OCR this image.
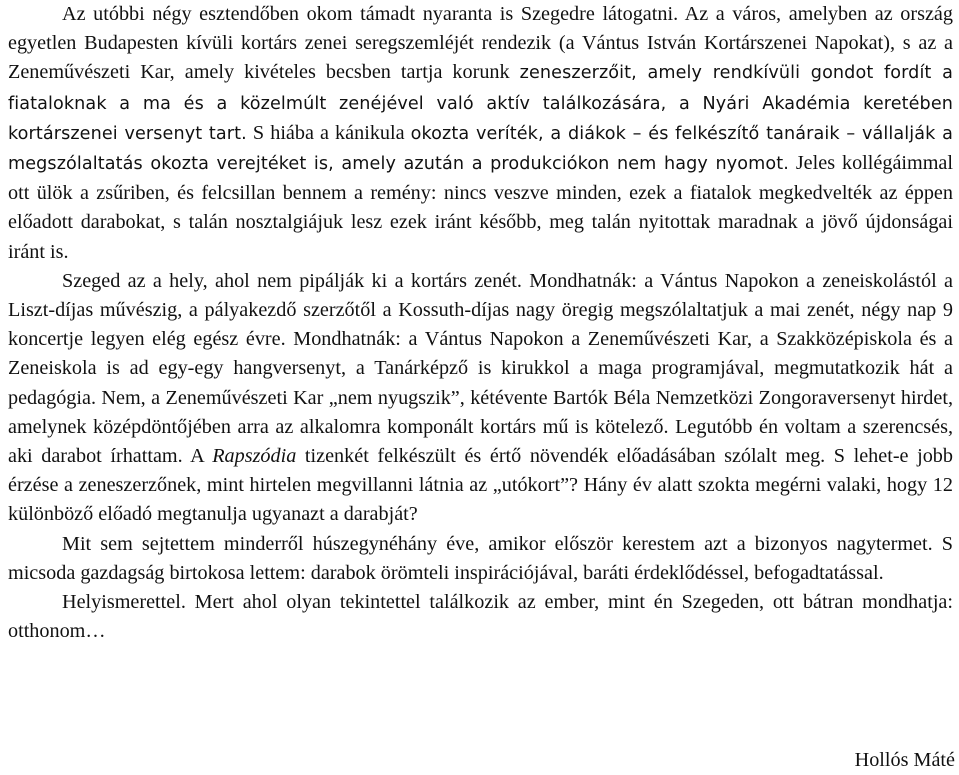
Az utóbbi négy esztendőben okom támadt nyaranta is Szegedre látogatni. Az a város, amelyben az ország egyetlen Budapesten kívüli kortárs zenei seregszemléjét rendezik (a Vántus István Kortárszenei Napokat), s az a Zeneművészeti Kar, amely kivételes becsben tartja korunk zeneszerzőit, amely rendkívüli gondot fordít a fiataloknak a ma és a közelmúlt zenéjével való aktív találkozására, a Nyári Akadémia keretében kortárszenei versenyt tart. S hiába a kánikula okozta veríték, a diákok – és felkészítő tanáraik – vállalják a megszólaltatás okozta verejtéket is, amely azután a produkciókon nem hagy nyomot. Jeles kollégáimmal ott ülök a zsűriben, és felcsillan bennem a remény: nincs veszve minden, ezek a fiatalok megkedvelték az éppen előadott darabokat, s talán nosztalgiájuk lesz ezek iránt később, meg talán nyitottak maradnak a jövő újdonságai iránt is.

Szeged az a hely, ahol nem pipálják ki a kortárs zenét. Mondhatnák: a Vántus Napokon a zeneiskolástól a Liszt-díjas művészig, a pályakezdő szerzőtől a Kossuth-díjas nagy öregig megszólaltatjuk a mai zenét, négy nap 9 koncertje legyen elég egész évre. Mondhatnák: a Vántus Napokon a Zeneművészeti Kar, a Szakközépiskola és a Zeneiskola is ad egy-egy hangversenyt, a Tanárképző is kirukkol a maga programjával, megmutatkozik hát a pedagógia. Nem, a Zeneművészeti Kar „nem nyugszik”, kétévente Bartók Béla Nemzetközi Zongoraversenyt hirdet, amelynek középdöntőjében arra az alkalomra komponált kortárs mű is kötelező. Legutóbb én voltam a szerencsés, aki darabot írhattam. A Rapszódia tizenkét felkészült és értő növendék előadásában szólalt meg. S lehet-e jobb érzése a zeneszerzőnek, mint hirtelen megvillanni látnia az „utókort”? Hány év alatt szokta megérni valaki, hogy 12 különböző előadó megtanulja ugyanazt a darabját?

Mit sem sejtettem minderről húszegynéhány éve, amikor először kerestem azt a bizonyos nagytermet. S micsoda gazdagság birtokosa lettem: darabok örömteli inspirációjával, baráti érdeklődéssel, befogadtatással.

Helyismerettel. Mert ahol olyan tekintettel találkozik az ember, mint én Szegeden, ott bátran mondhatja: otthonom…

Hollós Máté
